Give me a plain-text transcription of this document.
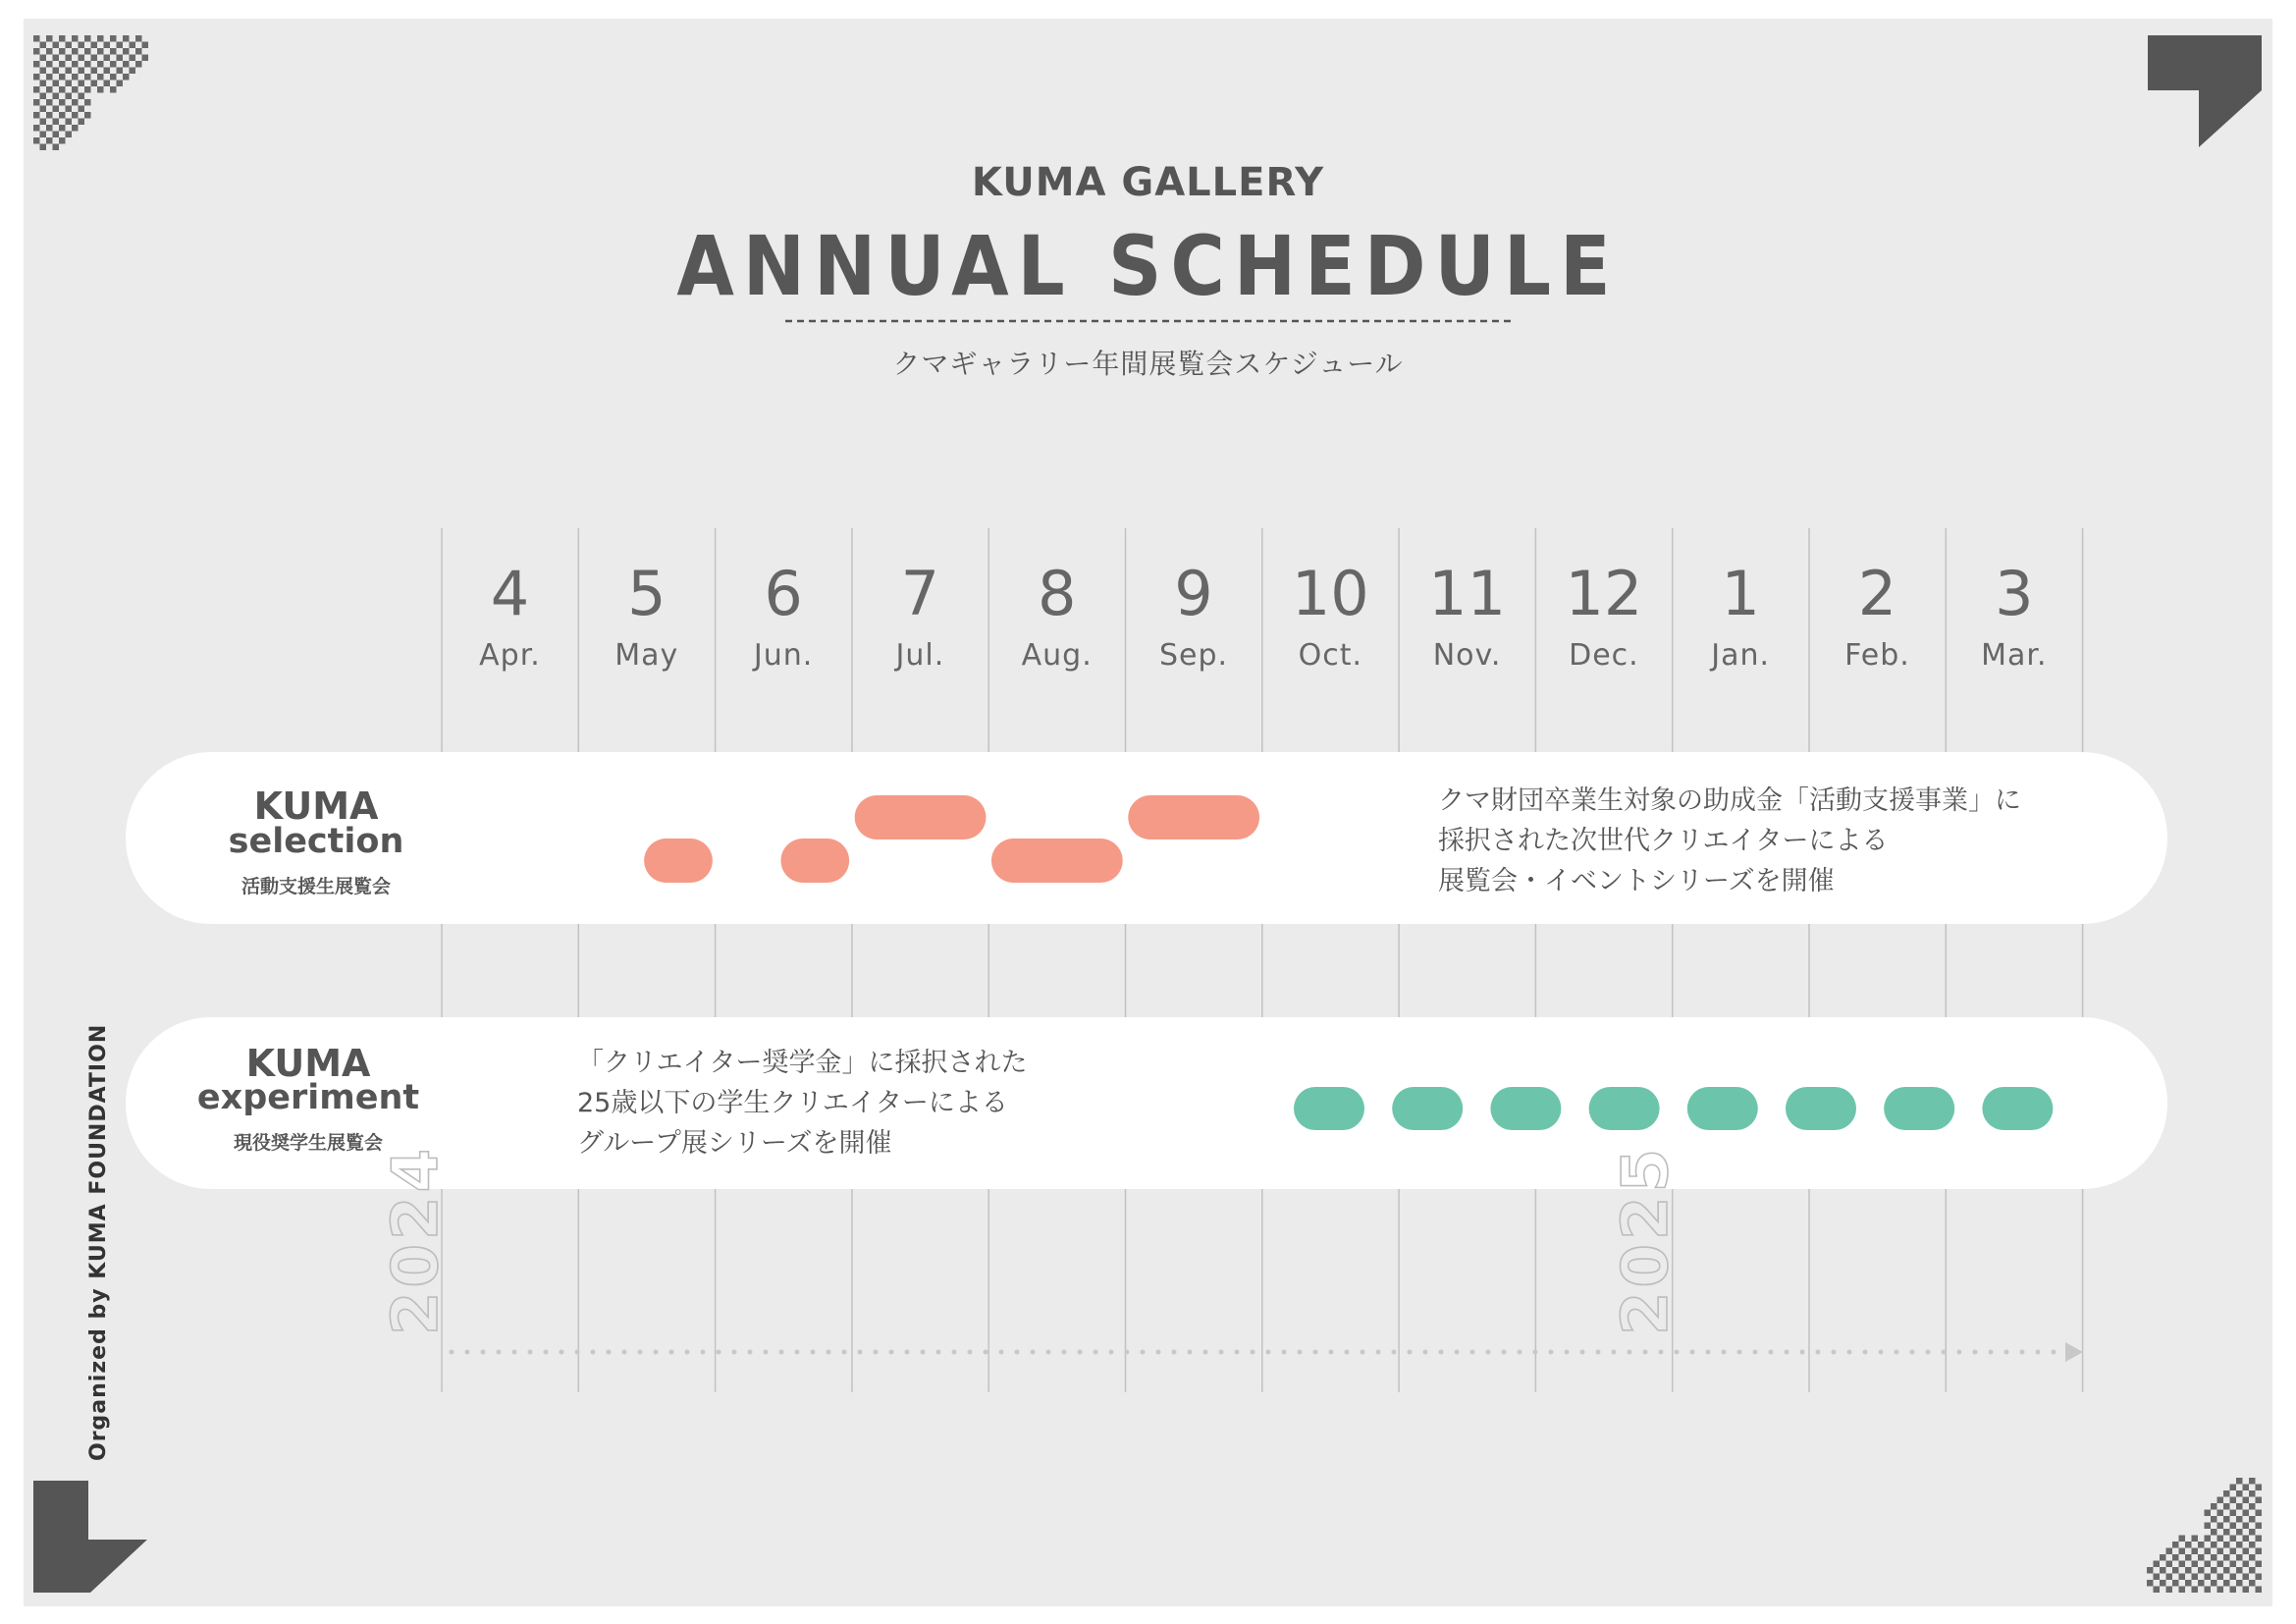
KUMA GALLERY
ANNUAL SCHEDULE
クマギャラリー年間展覧会スケジュール
2024	2025
4
Apr.
5
May
6
Jun.
7
Jul.
8
Aug.
9
Sep.
10
Oct.
11
Nov.
12
Dec.
1
Jan.
2
Feb.
3
Mar.
KUMA
selection
活動支援生展覧会
クマ財団卒業生対象の助成金「活動支援事業」に
採択された次世代クリエイターによる
展覧会・イベントシリーズを開催
KUMA
experiment
現役奨学生展覧会
「クリエイター奨学金」に採択された
25歳以下の学生クリエイターによる
グループ展シリーズを開催
Organized by KUMA FOUNDATION
